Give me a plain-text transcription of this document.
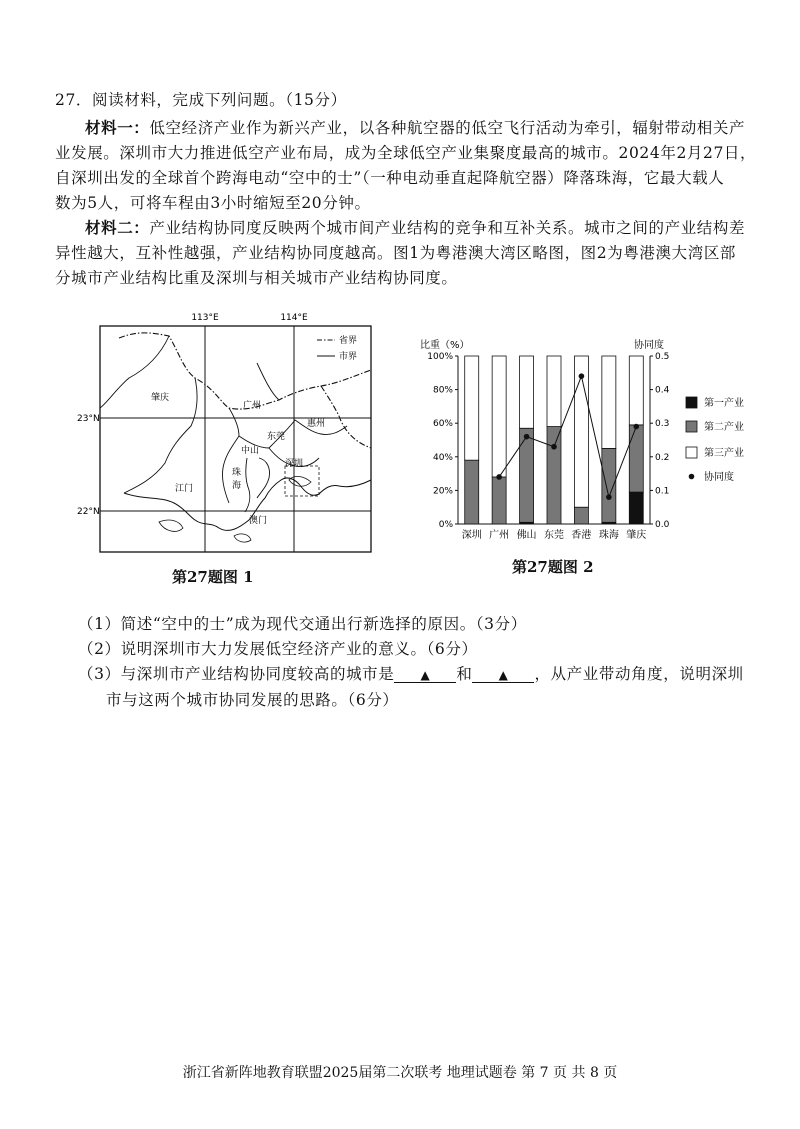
27．阅读材料，完成下列问题。（15分）
材料一：低空经济产业作为新兴产业，以各种航空器的低空飞行活动为牵引，辐射带动相关产
业发展。深圳市大力推进低空产业布局，成为全球低空产业集聚度最高的城市。2024年2月27日，
自深圳出发的全球首个跨海电动“空中的士”（一种电动垂直起降航空器）降落珠海，它最大载人
数为5人，可将车程由3小时缩短至20分钟。
材料二：产业结构协同度反映两个城市间产业结构的竞争和互补关系。城市之间的产业结构差
异性越大，互补性越强，产业结构协同度越高。图1为粤港澳大湾区略图，图2为粤港澳大湾区部
分城市产业结构比重及深圳与相关城市产业结构协同度。
113°E	114°E
23°N
22°N
省界
市界
肇庆
广州
惠州
东莞
中山
江门
珠
海
深圳
澳门
第27题图 1
0%
20%
40%
60%
80%
100%
0.0
0.1
0.2
0.3
0.4
0.5
深圳 广州 佛山 东莞 香港 珠海 肇庆
第一产业
第二产业
第三产业
协同度
比重（%）	协同度
第27题图 2
（1）简述“空中的士”成为现代交通出行新选择的原因。（3分）
（2）说明深圳市大力发展低空经济产业的意义。（6分）
（3）与深圳市产业结构协同度较高的城市是 ▲ 和 ▲ ，从产业带动角度，说明深圳
市与这两个城市协同发展的思路。（6分）
浙江省新阵地教育联盟2025届第二次联考 地理试题卷 第 7 页 共 8 页
